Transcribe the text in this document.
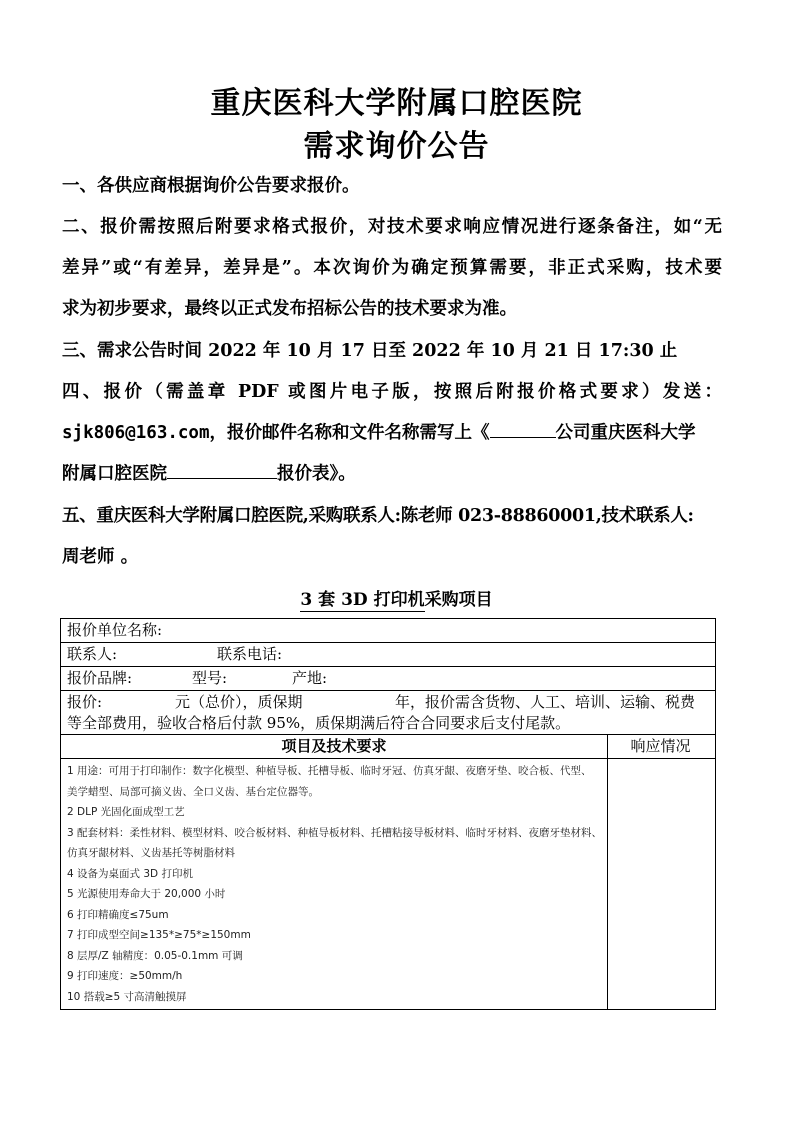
重庆医科大学附属口腔医院
需求询价公告
一、各供应商根据询价公告要求报价。
二、报价需按照后附要求格式报价，对技术要求响应情况进行逐条备注，如“无
差异”或“有差异，差异是”。本次询价为确定预算需要，非正式采购，技术要
求为初步要求，最终以正式发布招标公告的技术要求为准。
三、需求公告时间 2022 年 10 月 17 日至 2022 年 10 月 21 日 17:30 止
四、报价（需盖章 PDF 或图片电子版，按照后附报价格式要求）发送：
sjk806@163.com，报价邮件名称和文件名称需写上《	公司重庆医科大学
附属口腔医院	报价表》。
五、重庆医科大学附属口腔医院,采购联系人:陈老师 023-88860001,技术联系人:
周老师 。
3 套 3D 打印机采购项目
报价单位名称:
联系人:	联系电话:
报价品牌:	型号:	产地:
报价:	元（总价），质保期	年，报价需含货物、人工、培训、运输、税费
等全部费用，验收合格后付款 95%，质保期满后符合合同要求后支付尾款。
项目及技术要求	响应情况
1 用途：可用于打印制作：数字化模型、种植导板、托槽导板、临时牙冠、仿真牙龈、夜磨牙垫、咬合板、代型、
美学蜡型、局部可摘义齿、全口义齿、基台定位器等。
2 DLP 光固化面成型工艺
3 配套材料：柔性材料、模型材料、咬合板材料、种植导板材料、托槽粘接导板材料、临时牙材料、夜磨牙垫材料、
仿真牙龈材料、义齿基托等树脂材料
4 设备为桌面式 3D 打印机
5 光源使用寿命大于 20,000 小时
6 打印精确度≤75um
7 打印成型空间≥135*≥75*≥150mm
8 层厚/Z 轴精度：0.05-0.1mm 可调
9 打印速度：≥50mm/h
10 搭载≥5 寸高清触摸屏
